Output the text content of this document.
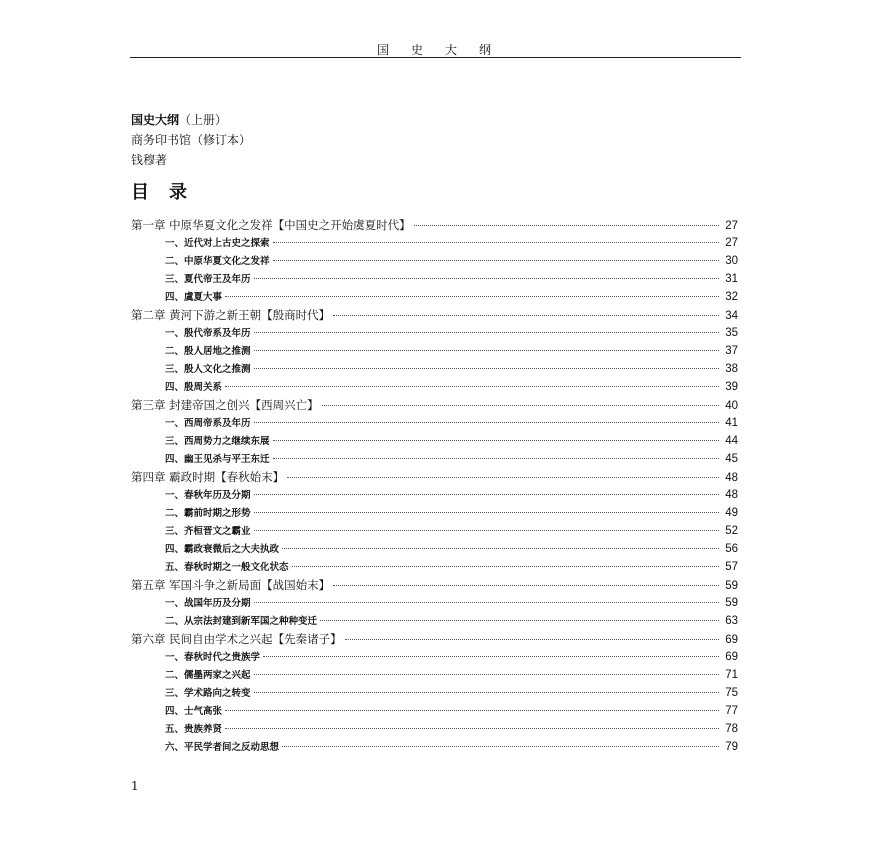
国史大纲
国史大纲（上册）
商务印书馆（修订本）
钱穆著
目录
第一章 中原华夏文化之发祥【中国史之开始虞夏时代】	27
一、近代对上古史之探索	27
二、中原华夏文化之发祥	30
三、夏代帝王及年历	31
四、虞夏大事	32
第二章 黄河下游之新王朝【殷商时代】	34
一、殷代帝系及年历	35
二、殷人居地之推测	37
三、殷人文化之推测	38
四、殷周关系	39
第三章 封建帝国之创兴【西周兴亡】	40
一、西周帝系及年历	41
三、西周势力之继续东展	44
四、幽王见杀与平王东迁	45
第四章 霸政时期【春秋始末】	48
一、春秋年历及分期	48
二、霸前时期之形势	49
三、齐桓晋文之霸业	52
四、霸政衰微后之大夫执政	56
五、春秋时期之一般文化状态	57
第五章 军国斗争之新局面【战国始末】	59
一、战国年历及分期	59
二、从宗法封建到新军国之种种变迁	63
第六章 民间自由学术之兴起【先秦诸子】	69
一、春秋时代之贵族学	69
二、儒墨两家之兴起	71
三、学术路向之转变	75
四、士气高张	77
五、贵族养贤	78
六、平民学者间之反动思想	79
1
